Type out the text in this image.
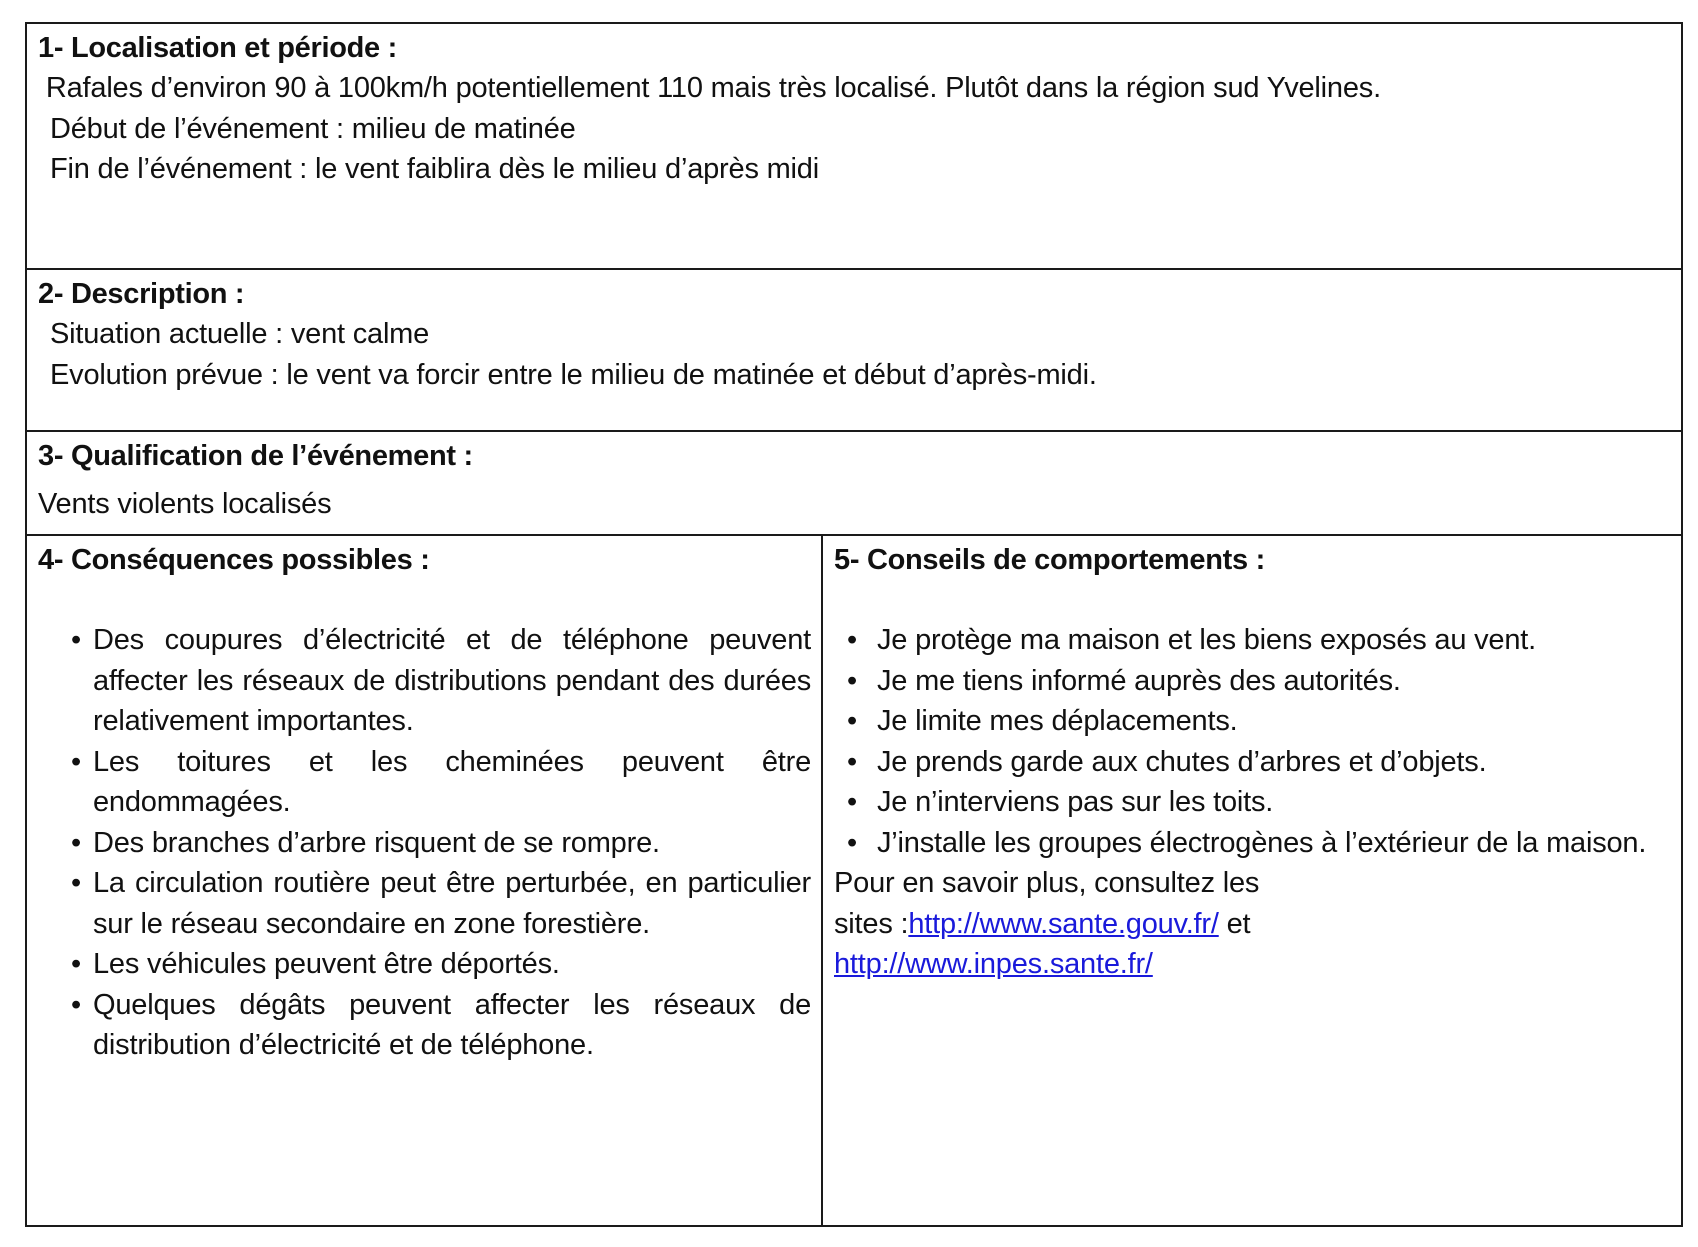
1- Localisation et période :
Rafales d’environ 90 à 100km/h potentiellement 110 mais très localisé. Plutôt dans la région sud Yvelines.
Début de l’événement : milieu de matinée
Fin de l’événement : le vent faiblira dès le milieu d’après midi
2- Description :
Situation actuelle : vent calme
Evolution prévue : le vent va forcir entre le milieu de matinée et début d’après-midi.
3- Qualification de l’événement :
Vents violents localisés
4- Conséquences possibles :
• Des coupures d’électricité et de téléphone peuvent affecter les réseaux de distributions pendant des durées relativement importantes.
• Les toitures et les cheminées peuvent être endommagées.
• Des branches d’arbre risquent de se rompre.
• La circulation routière peut être perturbée, en particulier sur le réseau secondaire en zone forestière.
• Les véhicules peuvent être déportés.
• Quelques dégâts peuvent affecter les réseaux de distribution d’électricité et de téléphone.
5- Conseils de comportements :
• Je protège ma maison et les biens exposés au vent.
• Je me tiens informé auprès des autorités.
• Je limite mes déplacements.
• Je prends garde aux chutes d’arbres et d’objets.
• Je n’interviens pas sur les toits.
• J’installe les groupes électrogènes à l’extérieur de la maison.
Pour en savoir plus, consultez les
sites :http://www.sante.gouv.fr/ et
http://www.inpes.sante.fr/
